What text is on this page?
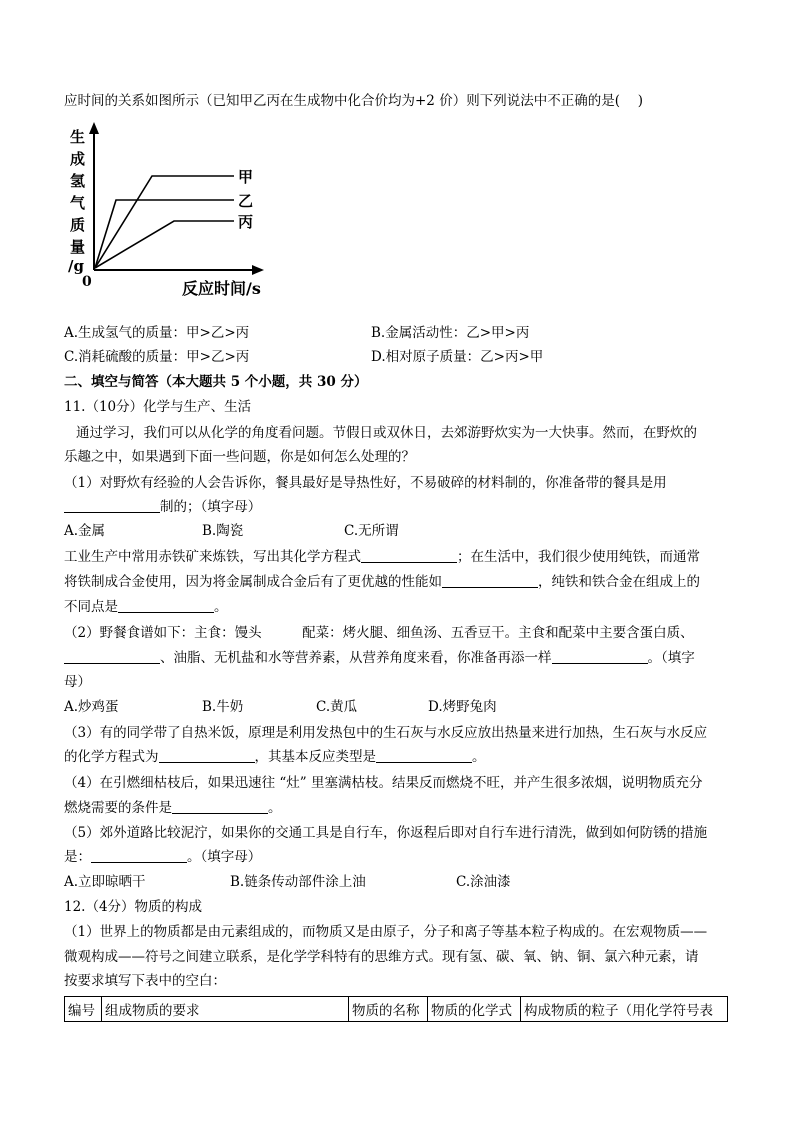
应时间的关系如图所示（已知甲乙丙在生成物中化合价均为+2 价）则下列说法中不正确的是(　 )
生
成
氢
气
质
量
/g
0	反应时间/s
甲
乙
丙
A.生成氢气的质量：甲>乙>丙	B.金属活动性：乙>甲>丙
C.消耗硫酸的质量：甲>乙>丙	D.相对原子质量：乙>丙>甲
二、填空与简答（本大题共 5 个小题，共 30 分）
11.（10分）化学与生产、生活
通过学习，我们可以从化学的角度看问题。节假日或双休日，去郊游野炊实为一大快事。然而，在野炊的
乐趣之中，如果遇到下面一些问题，你是如何怎么处理的？
（1）对野炊有经验的人会告诉你，餐具最好是导热性好，不易破碎的材料制的，你准备带的餐具是用
制的；（填字母）
A.金属	B.陶瓷	C.无所谓
工业生产中常用赤铁矿来炼铁，写出其化学方程式	；在生活中，我们很少使用纯铁，而通常
将铁制成合金使用，因为将金属制成合金后有了更优越的性能如	，纯铁和铁合金在组成上的
不同点是	。
（2）野餐食谱如下：主食：馒头　　　配菜：烤火腿、细鱼汤、五香豆干。主食和配菜中主要含蛋白质、
、油脂、无机盐和水等营养素，从营养角度来看，你准备再添一样	。（填字
母）
A.炒鸡蛋	B.牛奶	C.黄瓜	D.烤野兔肉
（3）有的同学带了自热米饭，原理是利用发热包中的生石灰与水反应放出热量来进行加热，生石灰与水反应
的化学方程式为	，其基本反应类型是	。
（4）在引燃细枯枝后，如果迅速往 “灶” 里塞满枯枝。结果反而燃烧不旺，并产生很多浓烟，说明物质充分
燃烧需要的条件是	。
（5）郊外道路比较泥泞，如果你的交通工具是自行车，你返程后即对自行车进行清洗，做到如何防锈的措施
是：	。（填字母）
A.立即晾晒干	B.链条传动部件涂上油	C.涂油漆
12.（4分）物质的构成
（1）世界上的物质都是由元素组成的，而物质又是由原子，分子和离子等基本粒子构成的。在宏观物质——
微观构成——符号之间建立联系，是化学学科特有的思维方式。现有氢、碳、氧、钠、铜、氯六种元素，请
按要求填写下表中的空白：
编号	组成物质的要求	物质的名称	物质的化学式	构成物质的粒子（用化学符号表
